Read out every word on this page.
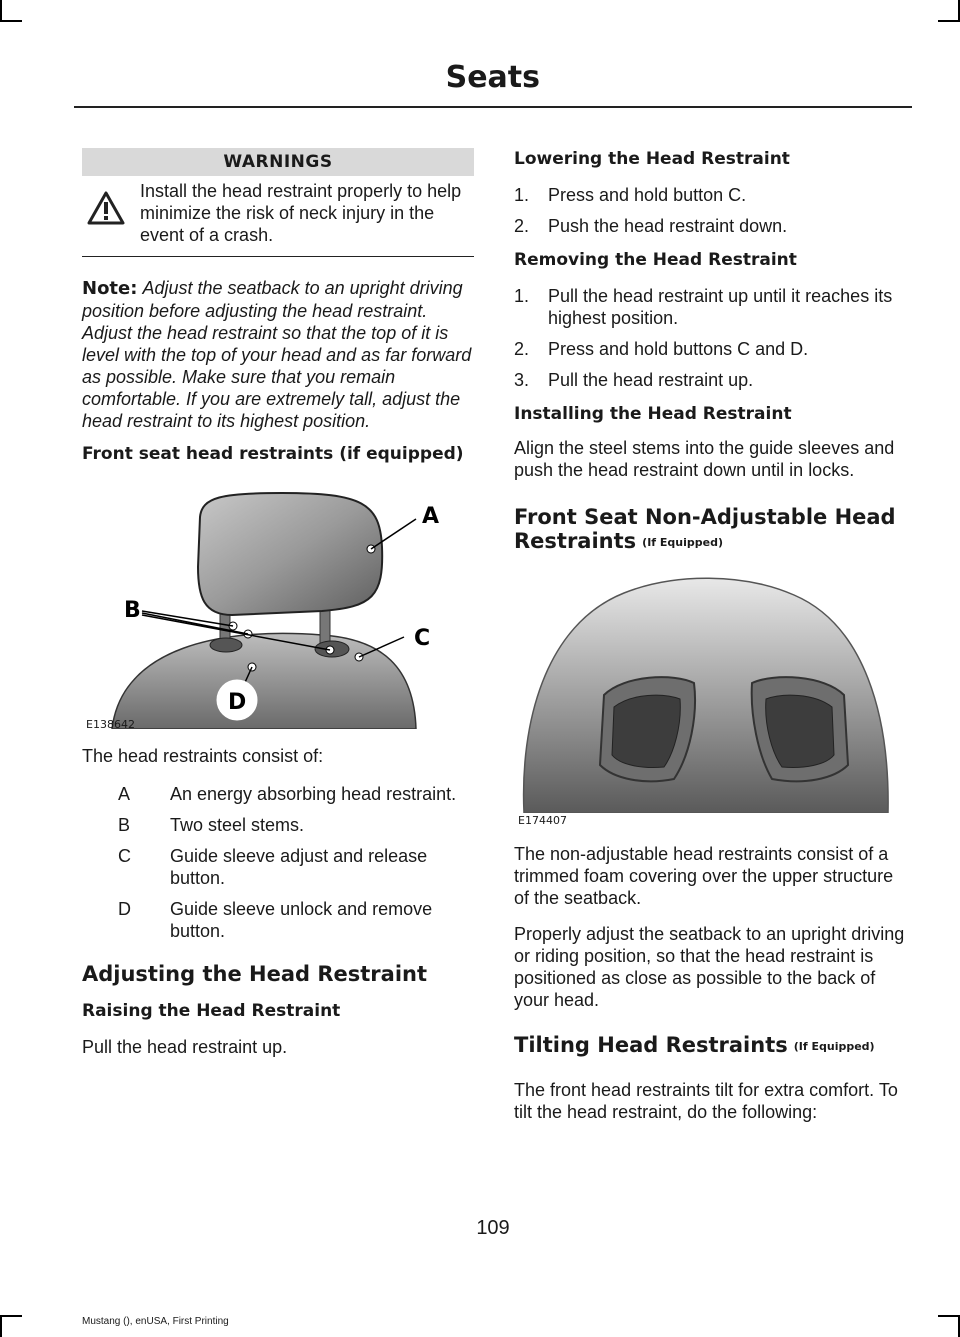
Seats
WARNINGS
Install the head restraint properly to help minimize the risk of neck injury in the event of a crash.

Note: Adjust the seatback to an upright driving position before adjusting the head restraint. Adjust the head restraint so that the top of it is level with the top of your head and as far forward as possible. Make sure that you remain comfortable. If you are extremely tall, adjust the head restraint to its highest position.

Front seat head restraints (if equipped)
A
B
C
D
E138642
The head restraints consist of:
A	An energy absorbing head restraint.
B	Two steel stems.
C	Guide sleeve adjust and release button.
D	Guide sleeve unlock and remove button.
Adjusting the Head Restraint
Raising the Head Restraint
Pull the head restraint up.
Lowering the Head Restraint
1.	Press and hold button C.
2.	Push the head restraint down.
Removing the Head Restraint
1.	Pull the head restraint up until it reaches its highest position.
2.	Press and hold buttons C and D.
3.	Pull the head restraint up.
Installing the Head Restraint
Align the steel stems into the guide sleeves and push the head restraint down until in locks.
Front Seat Non-Adjustable Head Restraints (If Equipped)
E174407
The non-adjustable head restraints consist of a trimmed foam covering over the upper structure of the seatback.
Properly adjust the seatback to an upright driving or riding position, so that the head restraint is positioned as close as possible to the back of your head.
Tilting Head Restraints (If Equipped)
The front head restraints tilt for extra comfort. To tilt the head restraint, do the following:
109
Mustang (), enUSA, First Printing
